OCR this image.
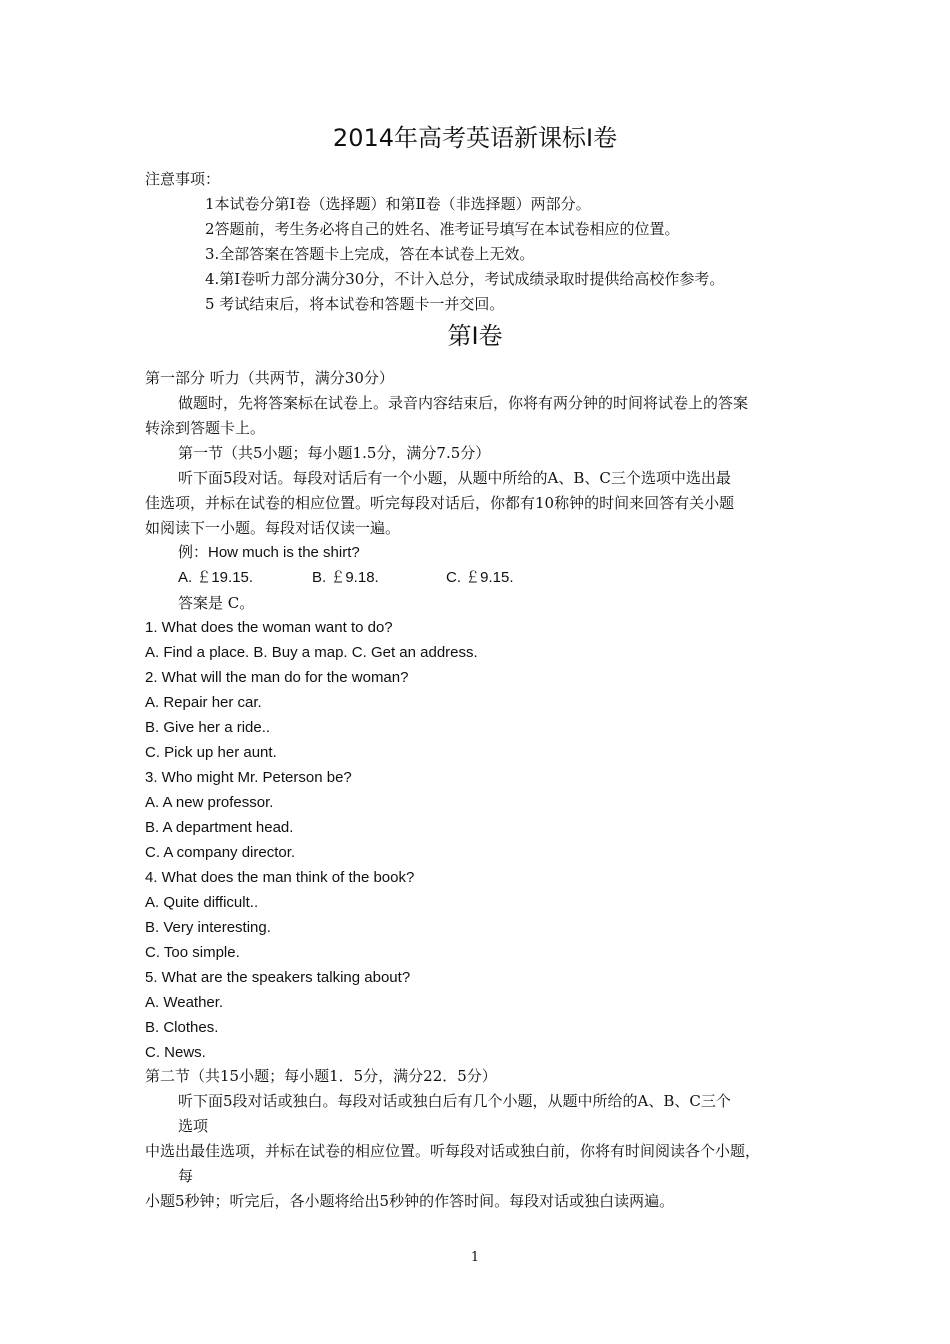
2014年高考英语新课标Ⅰ卷
注意事项：
1本试卷分第Ⅰ卷（选择题）和第Ⅱ卷（非选择题）两部分。
2答题前，考生务必将自己的姓名、准考证号填写在本试卷相应的位置。
3.全部答案在答题卡上完成，答在本试卷上无效。
4.第Ⅰ卷听力部分满分30分，不计入总分，考试成绩录取时提供给高校作参考。
5 考试结束后，将本试卷和答题卡一并交回。
第Ⅰ卷
第一部分 听力（共两节，满分30分）
做题时，先将答案标在试卷上。录音内容结束后，你将有两分钟的时间将试卷上的答案
转涂到答题卡上。
第一节（共5小题；每小题1.5分，满分7.5分）
听下面5段对话。每段对话后有一个小题，从题中所给的A、B、C三个选项中选出最
佳选项，并标在试卷的相应位置。听完每段对话后，你都有10称钟的时间来回答有关小题
如阅读下一小题。每段对话仅读一遍。
例：How much is the shirt?
A. ￡19.15.	B. ￡9.18.	C. ￡9.15.
答案是 C。
1. What does the woman want to do?
A. Find a place. B. Buy a map. C. Get an address.
2. What will the man do for the woman?
A. Repair her car.
B. Give her a ride..
C. Pick up her aunt.
3. Who might Mr. Peterson be?
A. A new professor.
B. A department head.
C. A company director.
4. What does the man think of the book?
A. Quite difficult..
B. Very interesting.
C. Too simple.
5. What are the speakers talking about?
A. Weather.
B. Clothes.
C. News.
第二节（共15小题；每小题1．5分，满分22．5分）
听下面5段对话或独白。每段对话或独白后有几个小题，从题中所给的A、B、C三个
选项
中选出最佳选项，并标在试卷的相应位置。听每段对话或独白前，你将有时间阅读各个小题，
每
小题5秒钟；听完后，各小题将给出5秒钟的作答时间。每段对话或独白读两遍。
1
